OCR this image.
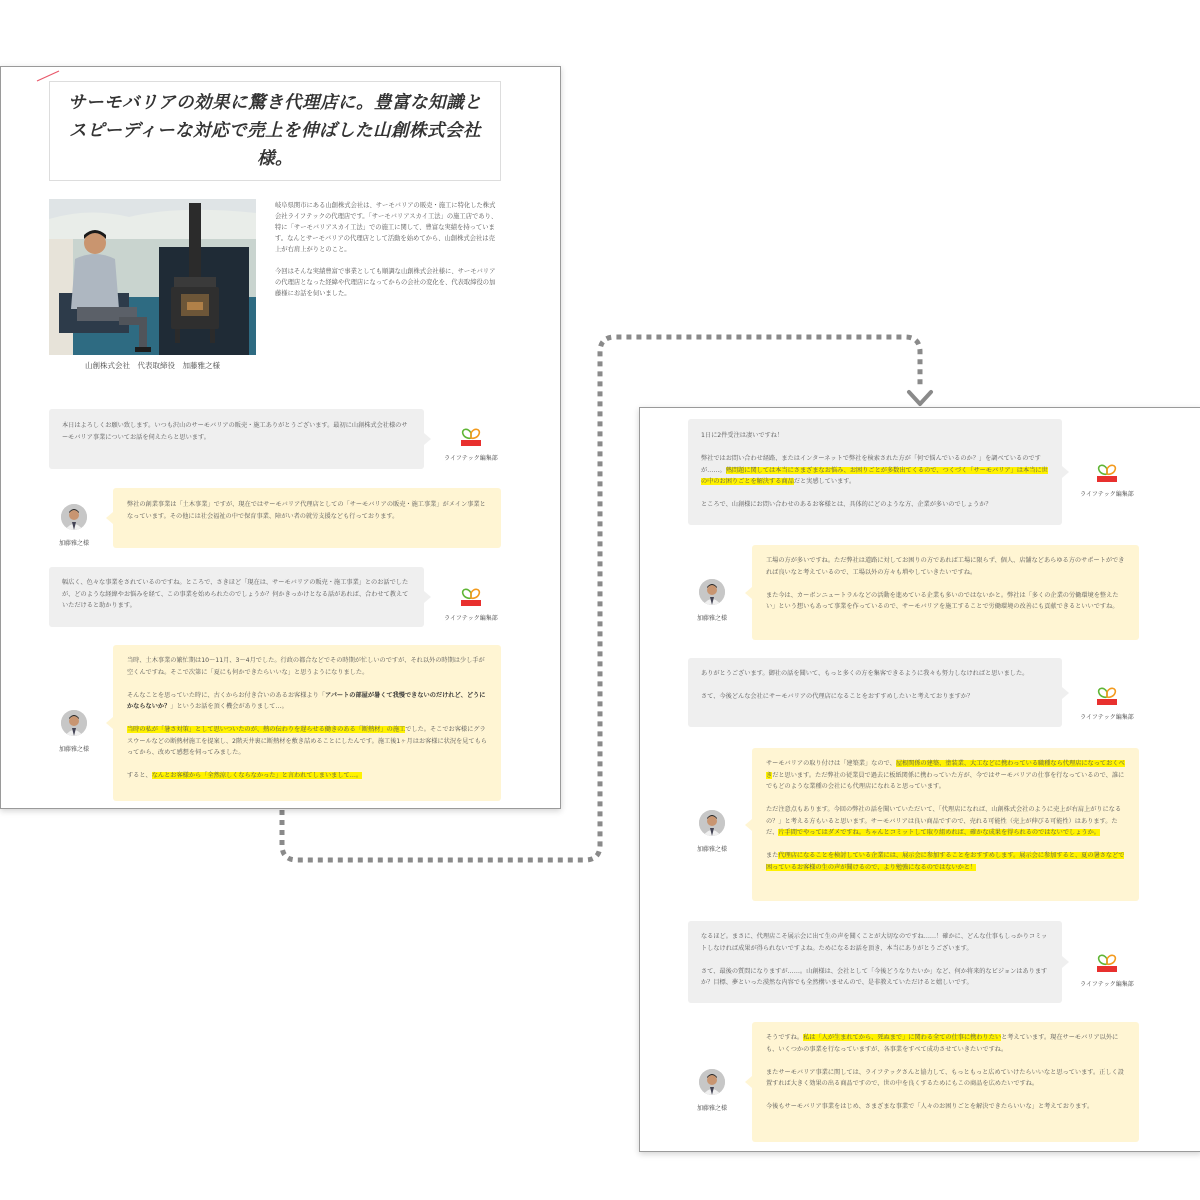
サーモバリアの効果に驚き代理店に。豊富な知識とスピーディーな対応で売上を伸ばした山創株式会社様。
山創株式会社　代表取締役　加藤雅之様

岐阜県関市にある山創株式会社は、サーモバリアの販売・施工に特化した株式会社ライフテックの代理店です。「サーモバリアスカイ工法」の施工店であり、特に「サーモバリアスカイ工法」での施工に関して、豊富な実績を持っています。なんとサーモバリアの代理店として活動を始めてから、山創株式会社は売上が右肩上がりとのこと。

今回はそんな実績豊富で事業としても順調な山創株式会社様に、サーモバリアの代理店となった経緯や代理店になってからの会社の変化を、代表取締役の加藤様にお話を伺いました。

本日はよろしくお願い致します。いつも沢山のサーモバリアの販売・施工ありがとうございます。最初に山創株式会社様のサーモバリア事業についてお話を伺えたらと思います。

ライフテック編集部
加藤雅之様

弊社の創業事業は「土木事業」ですが、現在ではサーモバリア代理店としての「サーモバリアの販売・施工事業」がメイン事業となっています。その他には社会福祉の中で保育事業、障がい者の就労支援なども行っております。

幅広く、色々な事業をされているのですね。ところで、さきほど「現在は、サーモバリアの販売・施工事業」とのお話でしたが、どのような経緯やお悩みを経て、この事業を始められたのでしょうか？何かきっかけとなる話があれば、合わせて教えていただけると助かります。

ライフテック編集部
加藤雅之様

当時、土木事業の繁忙期は10〜11月、3〜4月でした。行政の都合などでその時期が忙しいのですが、それ以外の時期は少し手が空くんですね。そこで次第に「夏にも何かできたらいいな」と思うようになりました。

そんなことを思っていた時に、古くからお付き合いのあるお客様より「アパートの部屋が暑くて我慢できないのだけれど、どうにかならないか？」というお話を頂く機会がありまして…。

当時の私が「暑さ対策」として思いついたのが、熱の伝わりを遅らせる働きのある「断熱材」の施工でした。そこでお客様にグラスウールなどの断熱材施工を提案し、2階天井裏に断熱材を敷き詰めることにしたんです。施工後1ヶ月はお客様に状況を見てもらってから、改めて感想を伺ってみました。

すると、なんとお客様から「全然涼しくならなかった」と言われてしまいまして…。

1日に2件受注は凄いですね！

弊社ではお問い合わせ経路、またはインターネットで弊社を検索された方が「何で悩んでいるのか？」を調べているのですが……。熱問題に関しては本当にさまざまなお悩み、お困りごとが多数出てくるので、つくづく「サーモバリア」は本当に世の中のお困りごとを解決する商品だと実感しています。

ところで、山創様にお問い合わせのあるお客様とは、具体的にどのような方、企業が多いのでしょうか？

ライフテック編集部
加藤雅之様

工場の方が多いですね。ただ弊社は道路に対してお困りの方であれば工場に限らず、個人、店舗などあらゆる方のサポートができれば良いなと考えているので、工場以外の方々も増やしていきたいですね。

また今は、カーボンニュートラルなどの活動を進めている企業も多いのではないかと。弊社は「多くの企業の労働環境を整えたい」という想いもあって事業を作っているので、サーモバリアを施工することで労働環境の改善にも貢献できるといいですね。

ありがとうございます。御社の話を聞いて、もっと多くの方を集客できるように我々も努力しなければと思いました。

さて、今後どんな会社にサーモバリアの代理店になることをおすすめしたいと考えておりますか？

ライフテック編集部
加藤雅之様

サーモバリアの取り付けは「建築業」なので、屋根関係の建築、塗装業、大工などに携わっている職種なら代理店になっておくべきだと思います。ただ弊社の従業員で過去に板紙関係に携わっていた方が、今ではサーモバリアの仕事を行なっているので、誰にでもどのような業種の会社にも代理店になれると思っています。

ただ注意点もあります。今回の弊社の話を聞いていただいて、「代理店になれば、山創株式会社のように売上が右肩上がりになるの？」と考える方もいると思います。サーモバリアは良い商品ですので、売れる可能性（売上が伸びる可能性）はあります。ただ、片手間でやってはダメですね。ちゃんとコミットして取り組めれば、確かな成果を得られるのではないでしょうか。

また代理店になることを検討している企業には、展示会に参加することをおすすめします。展示会に参加すると、夏の暑さなどで困っているお客様の生の声が聞けるので、より勉強になるのではないかと！

なるほど。まさに、代理店こそ展示会に出て生の声を聞くことが大切なのですね……！確かに、どんな仕事もしっかりコミットしなければ成果が得られないですよね。ためになるお話を頂き、本当にありがとうございます。

さて、最後の質問になりますが……。山創様は、会社として「今後どうなりたいか」など、何か将来的なビジョンはありますか？目標、夢といった漠然な内容でも全然構いませんので、是非教えていただけると嬉しいです。	ライフテック編集部
加藤雅之様

そうですね。私は「人が生まれてから、死ぬまで」に関わる全ての仕事に携わりたいと考えています。現在サーモバリア以外にも、いくつかの事業を行なっていますが、各事業をすべて成功させていきたいですね。

またサーモバリア事業に関しては、ライフテックさんと協力して、もっともっと広めていけたらいいなと思っています。正しく設置すれば大きく効果の出る商品ですので、世の中を良くするためにもこの商品を広めたいですね。

今後もサーモバリア事業をはじめ、さまざまな事業で「人々のお困りごとを解決できたらいいな」と考えております。
